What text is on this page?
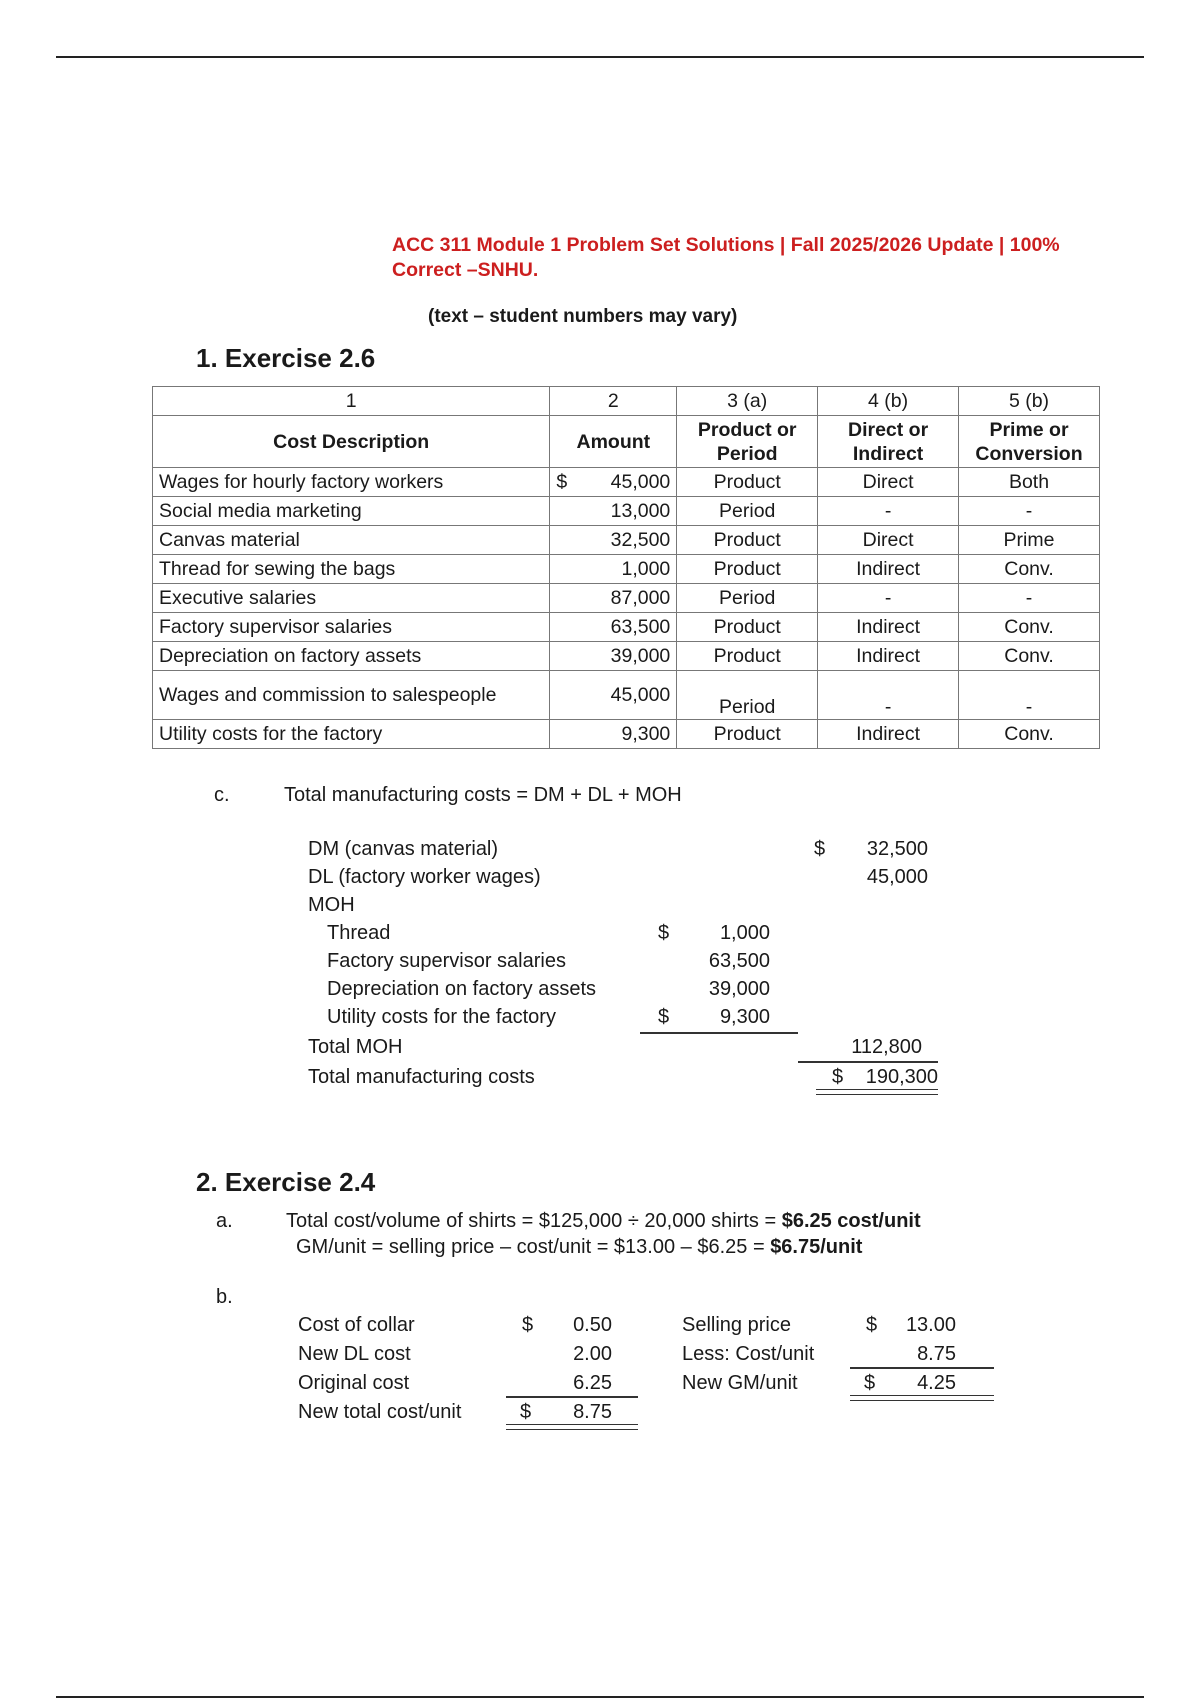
ACC 311 Module 1 Problem Set Solutions | Fall 2025/2026 Update | 100% Correct –SNHU.
(text – student numbers may vary)
1. Exercise 2.6
1	2	3 (a)	4 (b)	5 (b)
Cost Description	Amount	Product or Period	Direct or Indirect	Prime or Conversion
Wages for hourly factory workers	$ 45,000	Product	Direct	Both
Social media marketing	13,000	Period	-	-
Canvas material	32,500	Product	Direct	Prime
Thread for sewing the bags	1,000	Product	Indirect	Conv.
Executive salaries	87,000	Period	-	-
Factory supervisor salaries	63,500	Product	Indirect	Conv.
Depreciation on factory assets	39,000	Product	Indirect	Conv.
Wages and commission to salespeople	45,000	Period	-	-
Utility costs for the factory	9,300	Product	Indirect	Conv.
c.	Total manufacturing costs = DM + DL + MOH
DM (canvas material)	$	32,500
DL (factory worker wages)	45,000
MOH
Thread	$	1,000
Factory supervisor salaries	63,500
Depreciation on factory assets	39,000
Utility costs for the factory	$	9,300
Total MOH	112,800
Total manufacturing costs	$	190,300
2. Exercise 2.4
a.	Total cost/volume of shirts = $125,000 ÷ 20,000 shirts = $6.25 cost/unit
GM/unit = selling price – cost/unit = $13.00 – $6.25 = $6.75/unit
b.
Cost of collar	$	0.50
New DL cost	2.00
Original cost	6.25
New total cost/unit	$	8.75
Selling price	$	13.00
Less: Cost/unit	8.75
New GM/unit	$	4.25
